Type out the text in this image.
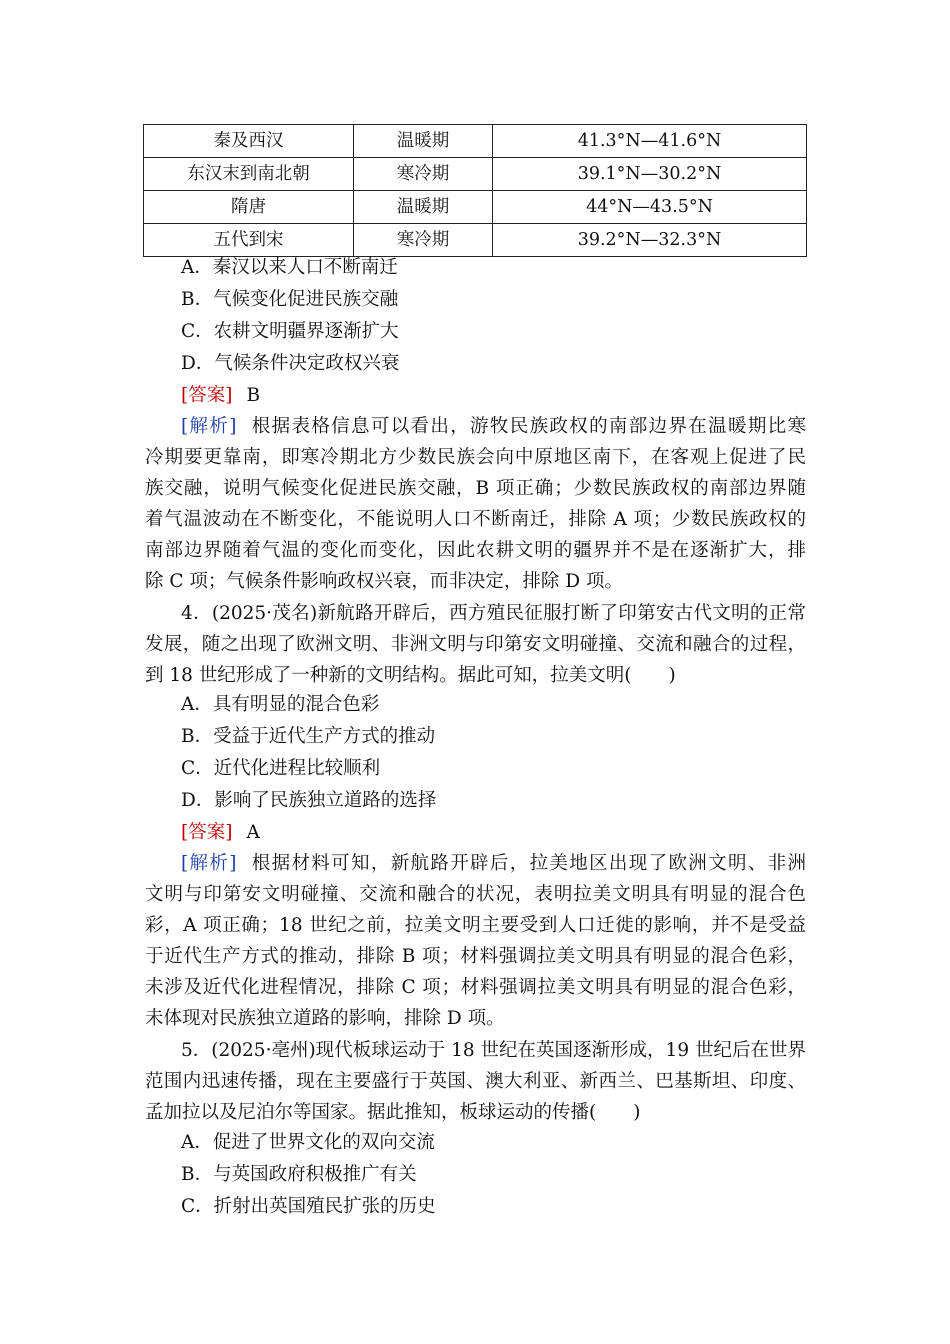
秦及西汉	温暖期	41.3°N—41.6°N
东汉末到南北朝	寒冷期	39.1°N—30.2°N
隋唐	温暖期	44°N—43.5°N
五代到宋	寒冷期	39.2°N—32.3°N
A．秦汉以来人口不断南迁
B．气候变化促进民族交融
C．农耕文明疆界逐渐扩大
D．气候条件决定政权兴衰
[答案] B
[解析] 根据表格信息可以看出，游牧民族政权的南部边界在温暖期比寒
冷期要更靠南，即寒冷期北方少数民族会向中原地区南下，在客观上促进了民
族交融，说明气候变化促进民族交融，B 项正确；少数民族政权的南部边界随
着气温波动在不断变化，不能说明人口不断南迁，排除 A 项；少数民族政权的
南部边界随着气温的变化而变化，因此农耕文明的疆界并不是在逐渐扩大，排
除 C 项；气候条件影响政权兴衰，而非决定，排除 D 项。
4．(2025·茂名)新航路开辟后，西方殖民征服打断了印第安古代文明的正常
发展，随之出现了欧洲文明、非洲文明与印第安文明碰撞、交流和融合的过程，
到 18 世纪形成了一种新的文明结构。据此可知，拉美文明(　　)
A．具有明显的混合色彩
B．受益于近代生产方式的推动
C．近代化进程比较顺利
D．影响了民族独立道路的选择
[答案] A
[解析] 根据材料可知，新航路开辟后，拉美地区出现了欧洲文明、非洲
文明与印第安文明碰撞、交流和融合的状况，表明拉美文明具有明显的混合色
彩，A 项正确；18 世纪之前，拉美文明主要受到人口迁徙的影响，并不是受益
于近代生产方式的推动，排除 B 项；材料强调拉美文明具有明显的混合色彩，
未涉及近代化进程情况，排除 C 项；材料强调拉美文明具有明显的混合色彩，
未体现对民族独立道路的影响，排除 D 项。
5．(2025·亳州)现代板球运动于 18 世纪在英国逐渐形成，19 世纪后在世界
范围内迅速传播，现在主要盛行于英国、澳大利亚、新西兰、巴基斯坦、印度、
孟加拉以及尼泊尔等国家。据此推知，板球运动的传播(　　)
A．促进了世界文化的双向交流
B．与英国政府积极推广有关
C．折射出英国殖民扩张的历史
